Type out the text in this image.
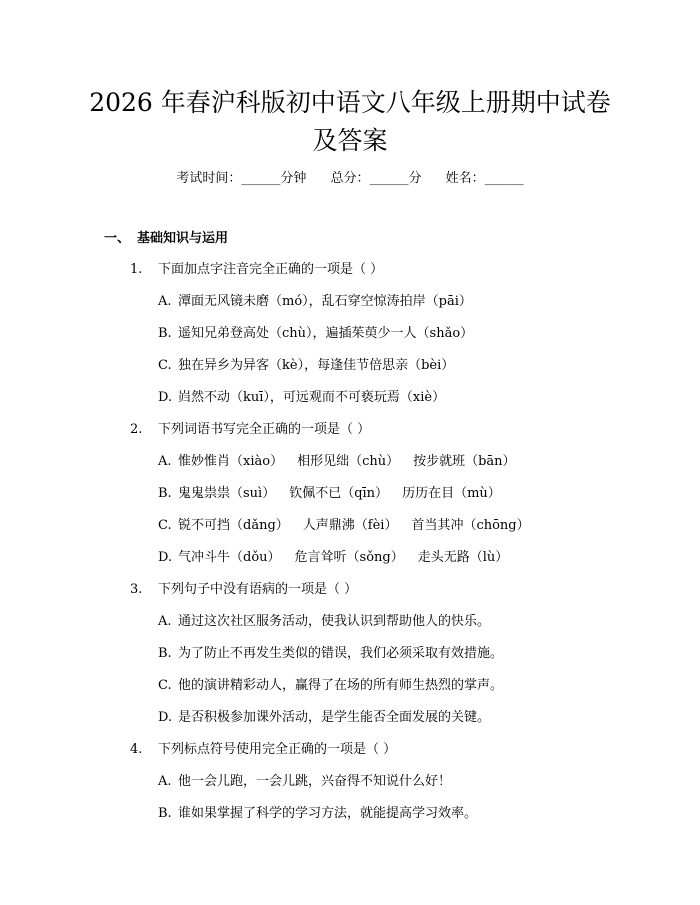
2026 年春沪科版初中语文八年级上册期中试卷及答案
考试时间：______分钟 总分：______分 姓名：______
一、 基础知识与运用
1. 下面加点字注音完全正确的一项是（ ）
A. 潭面无风镜未磨（mó），乱石穿空惊涛拍岸（pāi）
B. 遥知兄弟登高处（chù），遍插茱萸少一人（shǎo）
C. 独在异乡为异客（kè），每逢佳节倍思亲（bèi）
D. 岿然不动（kuī），可远观而不可亵玩焉（xiè）
2. 下列词语书写完全正确的一项是（ ）
A. 惟妙惟肖（xiào） 相形见绌（chù） 按步就班（bān）
B. 鬼鬼祟祟（suì） 钦佩不已（qīn） 历历在目（mù）
C. 锐不可挡（dǎng） 人声鼎沸（fèi） 首当其冲（chōng）
D. 气冲斗牛（dǒu） 危言耸听（sǒng） 走头无路（lù）
3. 下列句子中没有语病的一项是（ ）
A. 通过这次社区服务活动，使我认识到帮助他人的快乐。
B. 为了防止不再发生类似的错误，我们必须采取有效措施。
C. 他的演讲精彩动人，赢得了在场的所有师生热烈的掌声。
D. 是否积极参加课外活动，是学生能否全面发展的关键。
4. 下列标点符号使用完全正确的一项是（ ）
A. 他一会儿跑，一会儿跳，兴奋得不知说什么好！
B. 谁如果掌握了科学的学习方法，就能提高学习效率。
